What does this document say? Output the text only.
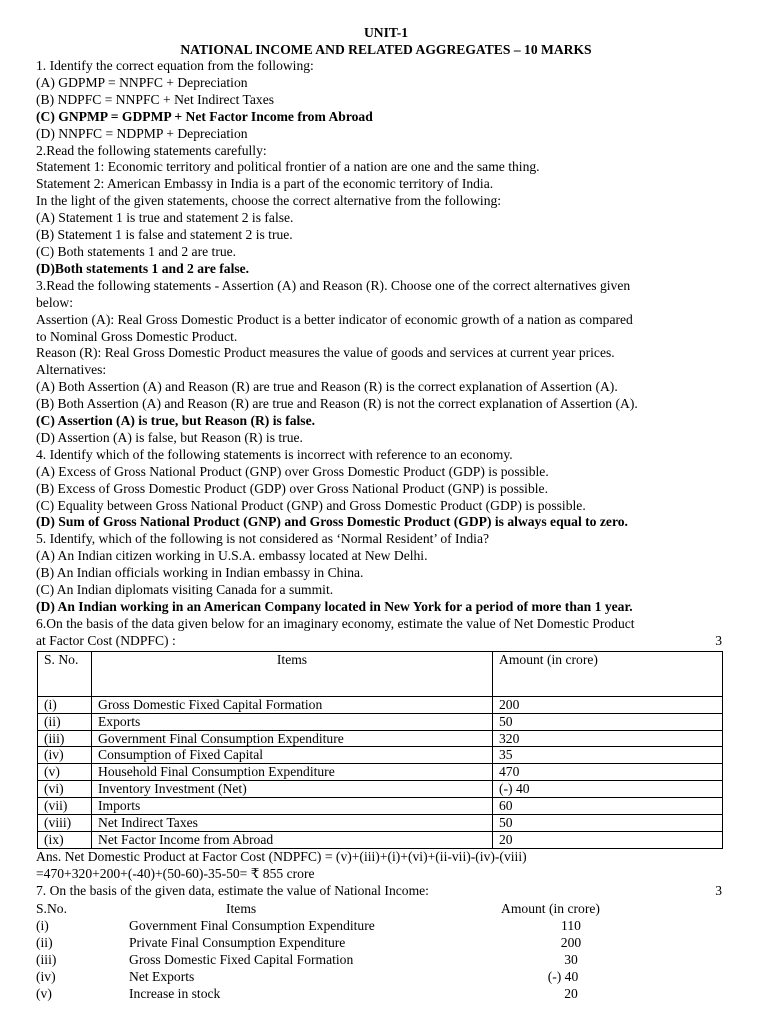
UNIT-1
NATIONAL INCOME AND RELATED AGGREGATES – 10 MARKS
1. Identify the correct equation from the following:
(A) GDPMP = NNPFC + Depreciation
(B) NDPFC = NNPFC + Net Indirect Taxes
(C) GNPMP = GDPMP + Net Factor Income from Abroad
(D) NNPFC = NDPMP + Depreciation
2.Read the following statements carefully:
Statement 1: Economic territory and political frontier of a nation are one and the same thing.
Statement 2: American Embassy in India is a part of the economic territory of India.
In the light of the given statements, choose the correct alternative from the following:
(A) Statement 1 is true and statement 2 is false.
(B) Statement 1 is false and statement 2 is true.
(C) Both statements 1 and 2 are true.
(D)Both statements 1 and 2 are false.
3.Read the following statements - Assertion (A) and Reason (R). Choose one of the correct alternatives given
below:
Assertion (A): Real Gross Domestic Product is a better indicator of economic growth of a nation as compared
to Nominal Gross Domestic Product.
Reason (R): Real Gross Domestic Product measures the value of goods and services at current year prices.
Alternatives:
(A) Both Assertion (A) and Reason (R) are true and Reason (R) is the correct explanation of Assertion (A).
(B) Both Assertion (A) and Reason (R) are true and Reason (R) is not the correct explanation of Assertion (A).
(C) Assertion (A) is true, but Reason (R) is false.
(D) Assertion (A) is false, but Reason (R) is true.
4. Identify which of the following statements is incorrect with reference to an economy.
(A) Excess of Gross National Product (GNP) over Gross Domestic Product (GDP) is possible.
(B) Excess of Gross Domestic Product (GDP) over Gross National Product (GNP) is possible.
(C) Equality between Gross National Product (GNP) and Gross Domestic Product (GDP) is possible.
(D) Sum of Gross National Product (GNP) and Gross Domestic Product (GDP) is always equal to zero.
5. Identify, which of the following is not considered as ‘Normal Resident’ of India?
(A) An Indian citizen working in U.S.A. embassy located at New Delhi.
(B) An Indian officials working in Indian embassy in China.
(C) An Indian diplomats visiting Canada for a summit.
(D) An Indian working in an American Company located in New York for a period of more than 1 year.
6.On the basis of the data given below for an imaginary economy, estimate the value of Net Domestic Product
at Factor Cost (NDPFC) :	3
S. No.	Items	Amount (in crore)
(i)	Gross Domestic Fixed Capital Formation	200
(ii)	Exports	50
(iii)	Government Final Consumption Expenditure	320
(iv)	Consumption of Fixed Capital	35
(v)	Household Final Consumption Expenditure	470
(vi)	Inventory Investment (Net)	(-) 40
(vii)	Imports	60
(viii)	Net Indirect Taxes	50
(ix)	Net Factor Income from Abroad	20
Ans. Net Domestic Product at Factor Cost (NDPFC) = (v)+(iii)+(i)+(vi)+(ii-vii)-(iv)-(viii)
=470+320+200+(-40)+(50-60)-35-50= ₹ 855 crore
7. On the basis of the given data, estimate the value of National Income:	3
S.No.	Items	Amount (in crore)
(i)	Government Final Consumption Expenditure	110
(ii)	Private Final Consumption Expenditure	200
(iii)	Gross Domestic Fixed Capital Formation	30
(iv)	Net Exports	(-) 40
(v)	Increase in stock	20
